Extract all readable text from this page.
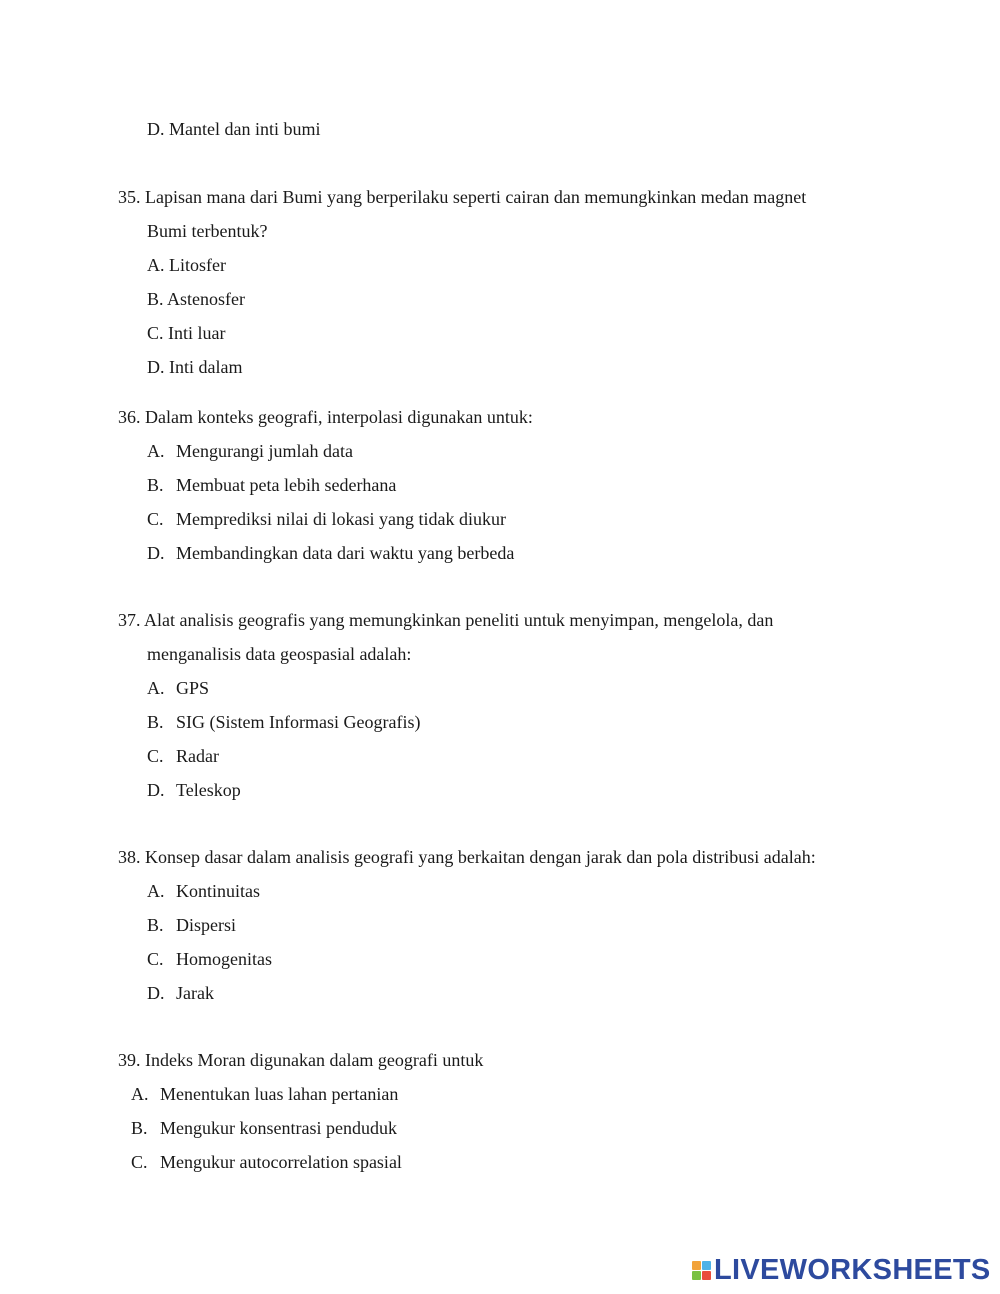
D. Mantel dan inti bumi
35. Lapisan mana dari Bumi yang berperilaku seperti cairan dan memungkinkan medan magnet
Bumi terbentuk?
A. Litosfer
B. Astenosfer
C. Inti luar
D. Inti dalam
36. Dalam konteks geografi, interpolasi digunakan untuk:
A. Mengurangi jumlah data
B. Membuat peta lebih sederhana
C. Memprediksi nilai di lokasi yang tidak diukur
D. Membandingkan data dari waktu yang berbeda
37. Alat analisis geografis yang memungkinkan peneliti untuk menyimpan, mengelola, dan
menganalisis data geospasial adalah:
A. GPS
B. SIG (Sistem Informasi Geografis)
C. Radar
D. Teleskop
38. Konsep dasar dalam analisis geografi yang berkaitan dengan jarak dan pola distribusi adalah:
A. Kontinuitas
B. Dispersi
C. Homogenitas
D. Jarak
39. Indeks Moran digunakan dalam geografi untuk
A. Menentukan luas lahan pertanian
B. Mengukur konsentrasi penduduk
C. Mengukur autocorrelation spasial
LIVEWORKSHEETS
